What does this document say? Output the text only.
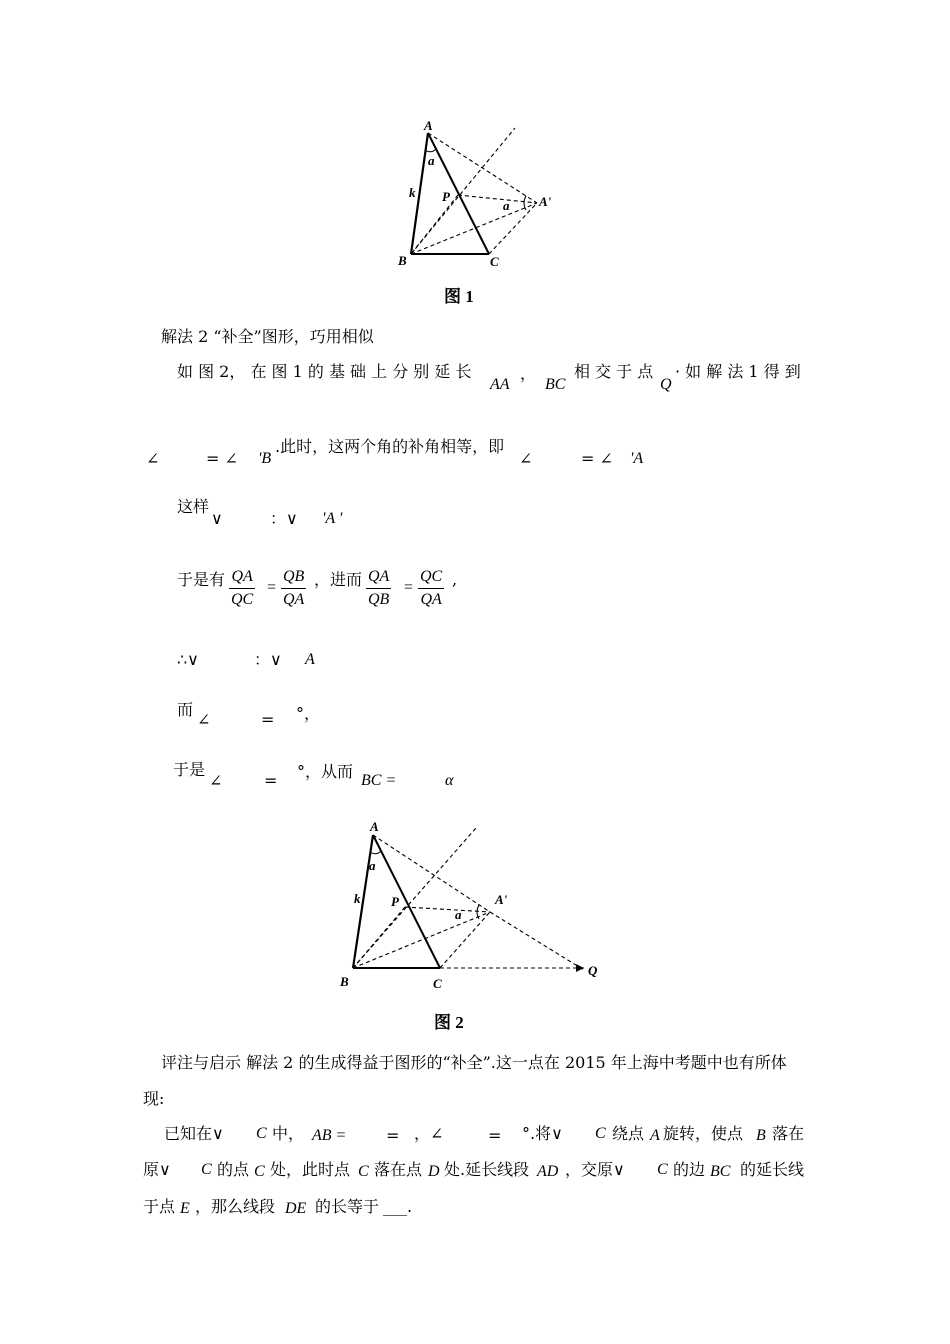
A
a
k P
a A'
B	C
图 1
解法 2 “补全”图形，巧用相似
如 图 2， 在 图 1 的 基 础 上 分 别 延 长
AA
，
BC
相 交 于 点
Q
· 如 解 法 1 得 到
∠	= ∠ 'B
.此时，这两个角的补角相等，即
∠	= ∠ 'A
这样
∨	：∨ 'A '
于是有 $\frac{QA}{QC} = \frac{QB}{QA}$ ，进而 $\frac{QA}{QB} = \frac{QC}{QA}$ ,
∴∨	：∨ A
而
∠	= °，
于是
∠	= °，从而 BC =	α
A
a
k P
a
A'
Q
B	C
图 2
评注与启示 解法 2 的生成得益于图形的“补全”.这一点在 2015 年上海中考题中也有所体
现:
已知在∨ C 中， AB = = ，∠	= °.将∨ C 绕点 A 旋转，使点 B 落在
原∨ C 的点 C 处，此时点 C 落在点 D 处.延长线段 AD ，交原∨ C 的边 BC 的延长线
于点 E ，那么线段 DE 的长等于 ___ .
